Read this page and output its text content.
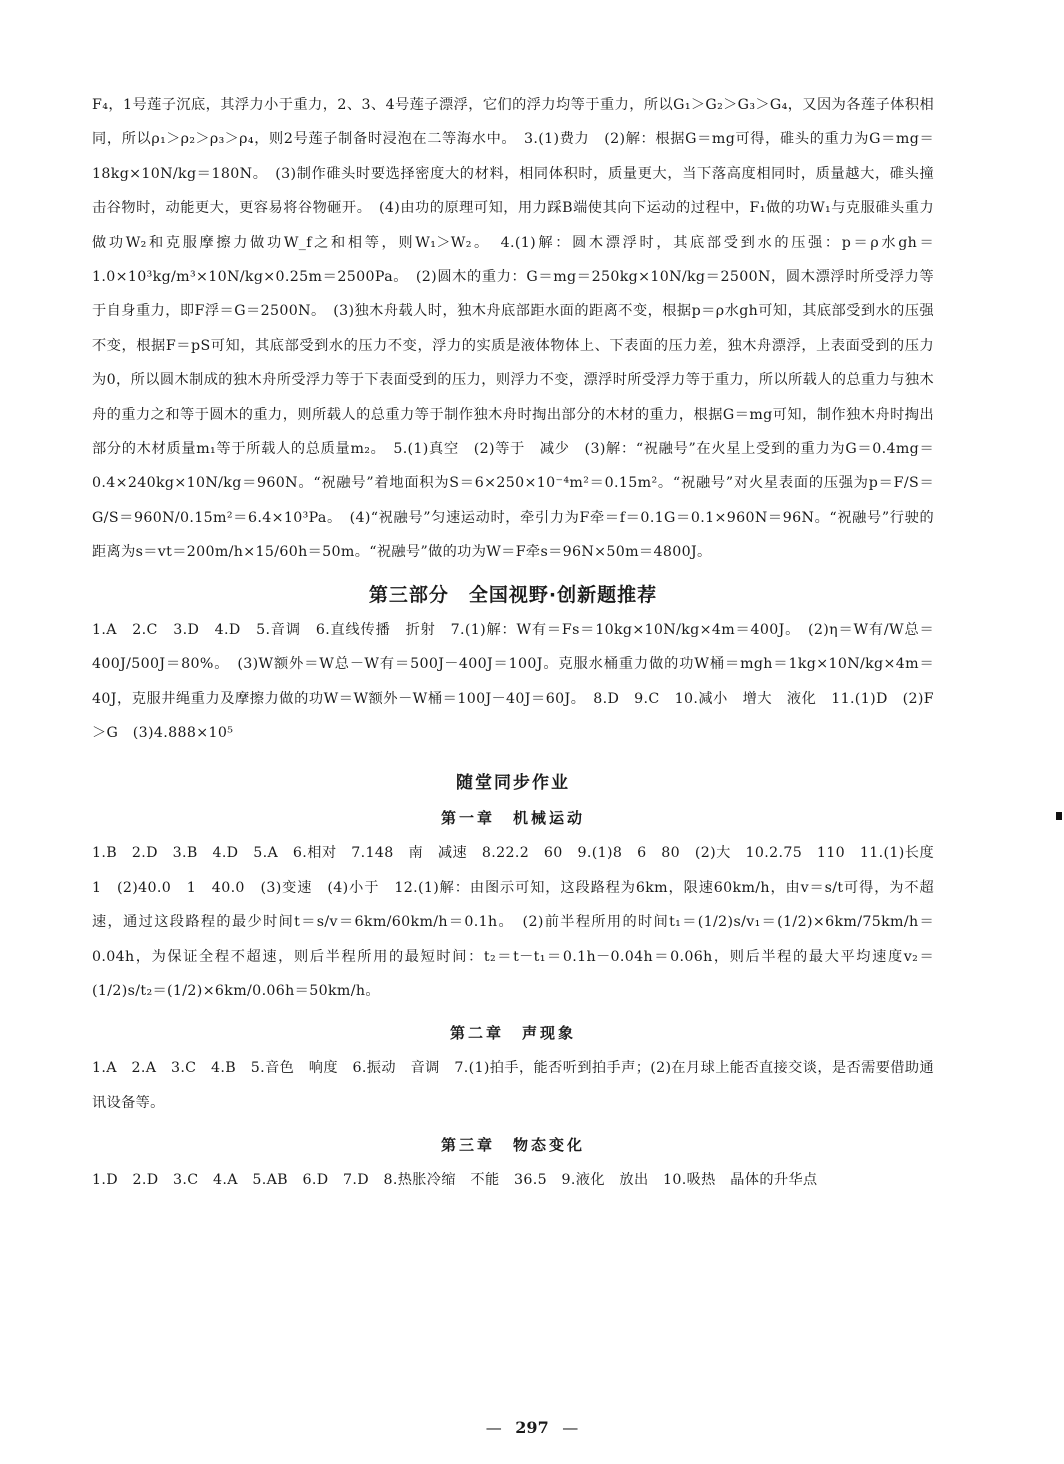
F₄，1号莲子沉底，其浮力小于重力，2、3、4号莲子漂浮，它们的浮力均等于重力，所以G₁＞G₂＞G₃＞G₄，又因为各莲子体积相同，所以ρ₁＞ρ₂＞ρ₃＞ρ₄，则2号莲子制备时浸泡在二等海水中。　3.(1)费力　(2)解：根据G＝mg可得，碓头的重力为G＝mg＝18kg×10N/kg＝180N。　(3)制作碓头时要选择密度大的材料，相同体积时，质量更大，当下落高度相同时，质量越大，碓头撞击谷物时，动能更大，更容易将谷物砸开。　(4)由功的原理可知，用力踩B端使其向下运动的过程中，F₁做的功W₁与克服碓头重力做功W₂和克服摩擦力做功W_f之和相等，则W₁＞W₂。　4.(1)解：圆木漂浮时，其底部受到水的压强：p＝ρ水gh＝1.0×10³kg/m³×10N/kg×0.25m＝2500Pa。　(2)圆木的重力：G＝mg＝250kg×10N/kg＝2500N，圆木漂浮时所受浮力等于自身重力，即F浮＝G＝2500N。　(3)独木舟载人时，独木舟底部距水面的距离不变，根据p＝ρ水gh可知，其底部受到水的压强不变，根据F＝pS可知，其底部受到水的压力不变，浮力的实质是液体物体上、下表面的压力差，独木舟漂浮，上表面受到的压力为0，所以圆木制成的独木舟所受浮力等于下表面受到的压力，则浮力不变，漂浮时所受浮力等于重力，所以所载人的总重力与独木舟的重力之和等于圆木的重力，则所载人的总重力等于制作独木舟时掏出部分的木材的重力，根据G＝mg可知，制作独木舟时掏出部分的木材质量m₁等于所载人的总质量m₂。　5.(1)真空　(2)等于　减少　(3)解：“祝融号”在火星上受到的重力为G＝0.4mg＝0.4×240kg×10N/kg＝960N。“祝融号”着地面积为S＝6×250×10⁻⁴m²＝0.15m²。“祝融号”对火星表面的压强为p＝F/S＝G/S＝960N/0.15m²＝6.4×10³Pa。　(4)“祝融号”匀速运动时，牵引力为F牵＝f＝0.1G＝0.1×960N＝96N。“祝融号”行驶的距离为s＝vt＝200m/h×15/60h＝50m。“祝融号”做的功为W＝F牵s＝96N×50m＝4800J。

第三部分　全国视野·创新题推荐

1.A　2.C　3.D　4.D　5.音调　6.直线传播　折射　7.(1)解：W有＝Fs＝10kg×10N/kg×4m＝400J。　(2)η＝W有/W总＝400J/500J＝80%。　(3)W额外＝W总－W有＝500J－400J＝100J。克服水桶重力做的功W桶＝mgh＝1kg×10N/kg×4m＝40J，克服井绳重力及摩擦力做的功W＝W额外－W桶＝100J－40J＝60J。　8.D　9.C　10.减小　增大　液化　11.(1)D　(2)F＞G　(3)4.888×10⁵

随堂同步作业
第一章　机械运动

1.B　2.D　3.B　4.D　5.A　6.相对　7.148　南　减速　8.22.2　60　9.(1)8　6　80　(2)大　10.2.75　110　11.(1)长度　1　(2)40.0　1　40.0　(3)变速　(4)小于　12.(1)解：由图示可知，这段路程为6km，限速60km/h，由v＝s/t可得，为不超速，通过这段路程的最少时间t＝s/v＝6km/60km/h＝0.1h。　(2)前半程所用的时间t₁＝(1/2)s/v₁＝(1/2)×6km/75km/h＝0.04h，为保证全程不超速，则后半程所用的最短时间：t₂＝t－t₁＝0.1h－0.04h＝0.06h，则后半程的最大平均速度v₂＝(1/2)s/t₂＝(1/2)×6km/0.06h＝50km/h。

第二章　声现象

1.A　2.A　3.C　4.B　5.音色　响度　6.振动　音调　7.(1)拍手，能否听到拍手声；(2)在月球上能否直接交谈，是否需要借助通讯设备等。

第三章　物态变化

1.D　2.D　3.C　4.A　5.AB　6.D　7.D　8.热胀冷缩　不能　36.5　9.液化　放出　10.吸热　晶体的升华点

— 297 —
